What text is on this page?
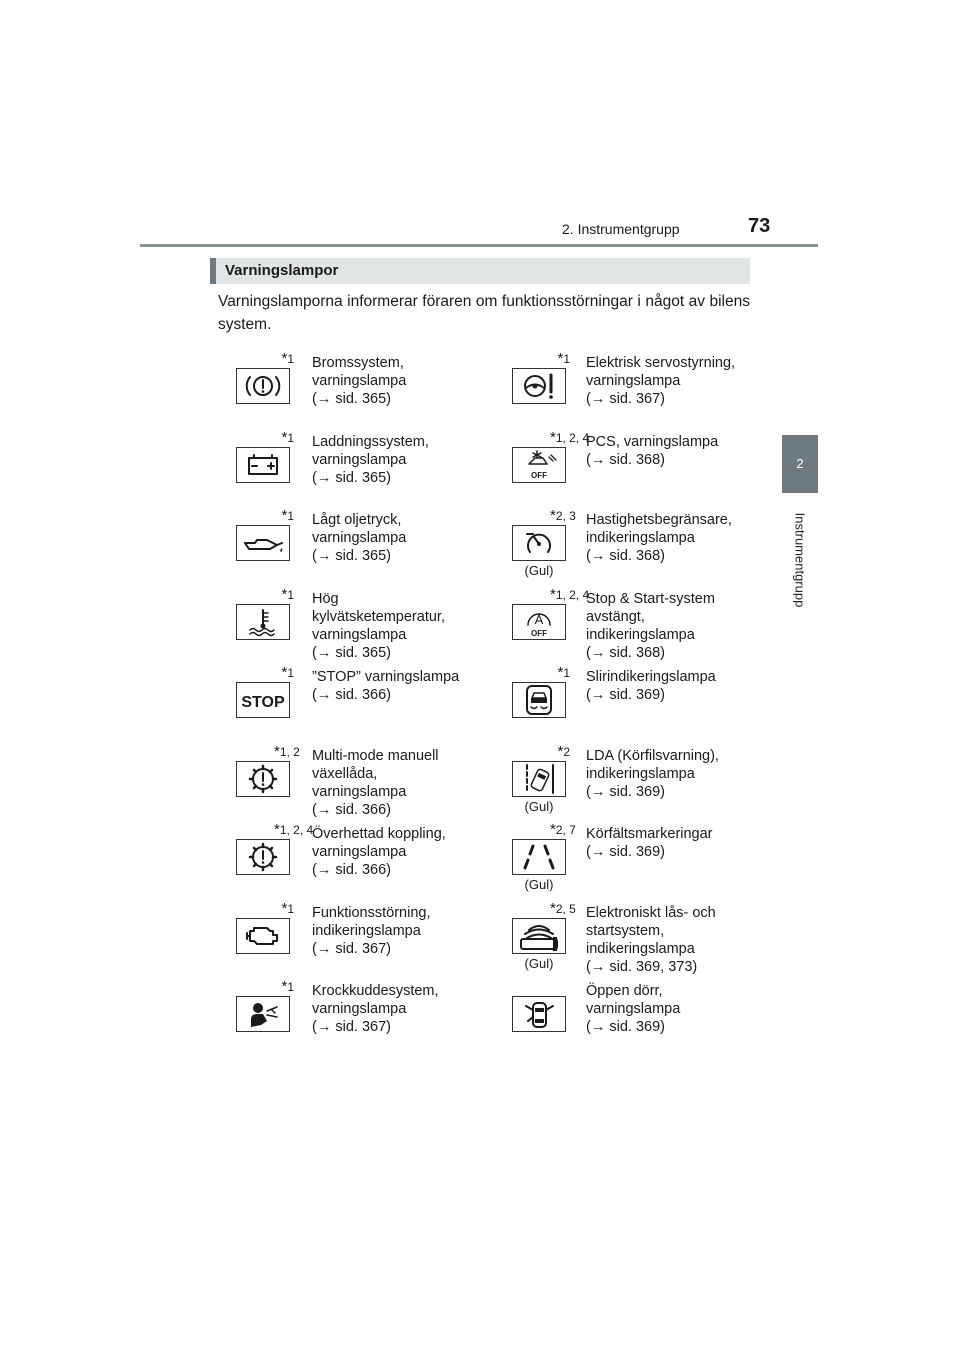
2. Instrumentgrupp	73
2
Instrumentgrupp
Varningslampor
Varningslamporna informerar föraren om funktionsstörningar i något av bilens system.
*1 Bromssystem,
varningslampa
(→ sid. 365)
*1 Elektrisk servostyrning,
varningslampa
(→ sid. 367)
*1 Laddningssystem,
varningslampa
(→ sid. 365)	OFF
*1, 2, 4
PCS, varningslampa
(→ sid. 368)
*1 Lågt oljetryck,
varningslampa
(→ sid. 365)
*2, 3
(Gul)
Hastighetsbegränsare,
indikeringslampa
(→ sid. 368)
*1 Hög
kylvätsketemperatur,
varningslampa
(→ sid. 365)
A
OFF
*1, 2, 4
Stop & Start-system
avstängt,
indikeringslampa
(→ sid. 368)
STOP
*1 ”STOP” varningslampa
(→ sid. 366)
*1 Slirindikeringslampa
(→ sid. 369)
*1, 2 Multi-mode manuell
växellåda,
varningslampa
(→ sid. 366)
*2
(Gul)
LDA (Körfilsvarning),
indikeringslampa
(→ sid. 369)
*1, 2, 4
Överhettad koppling,
varningslampa
(→ sid. 366)
*2, 7
(Gul)
Körfältsmarkeringar
(→ sid. 369)
*1 Funktionsstörning,
indikeringslampa
(→ sid. 367)
*2, 5
(Gul)
Elektroniskt lås- och
startsystem,
indikeringslampa
(→ sid. 369, 373)
*1 Krockkuddesystem,
varningslampa
(→ sid. 367)
Öppen dörr,
varningslampa
(→ sid. 369)
